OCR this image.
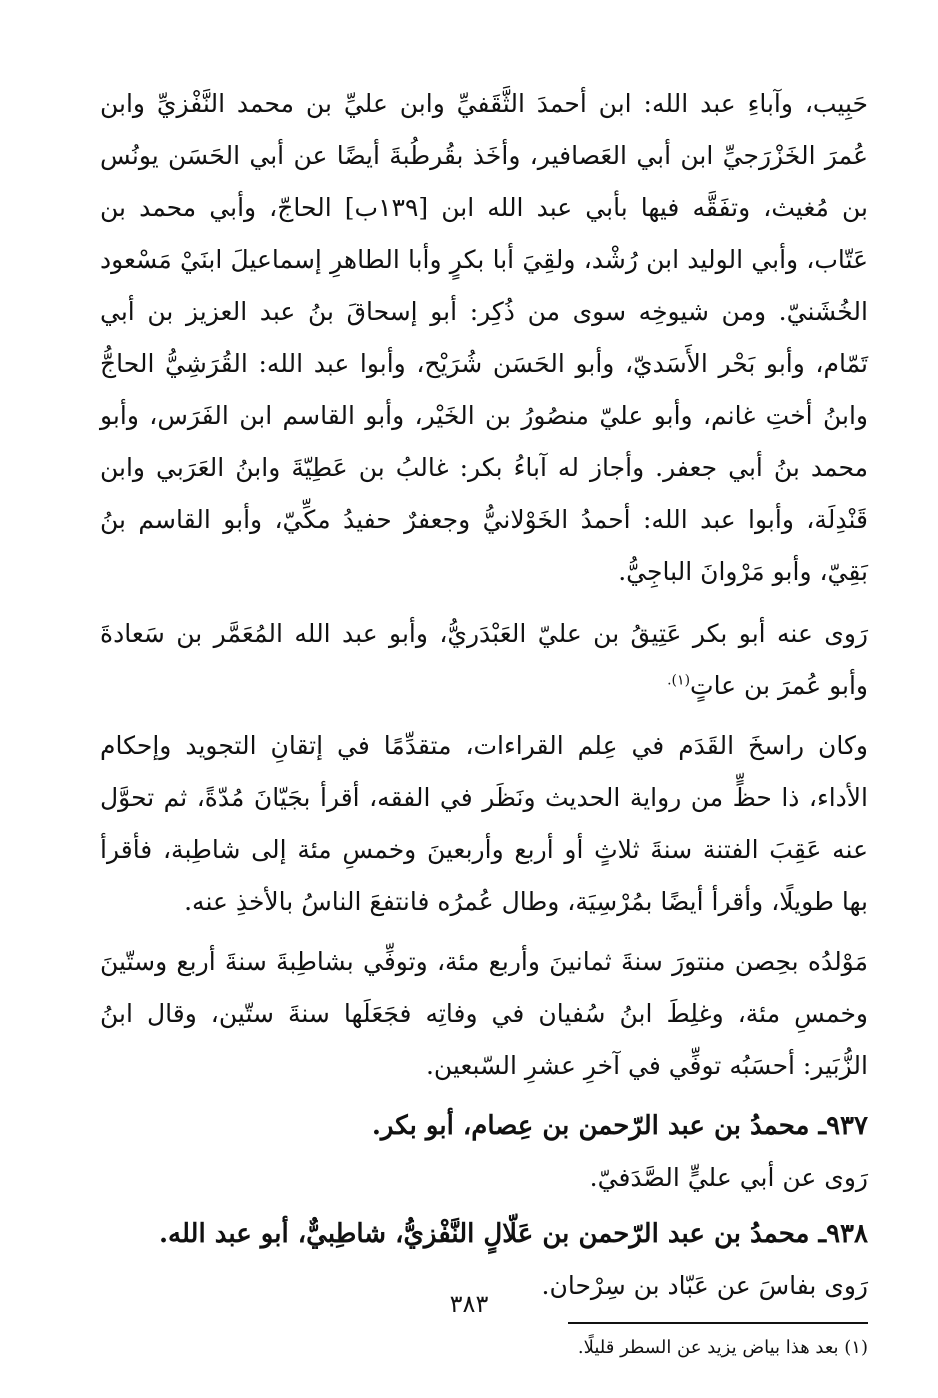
حَبِيب، وآباءِ عبد الله: ابن أحمدَ الثَّقَفيِّ وابن عليِّ بن محمد النَّفْزيِّ وابن عُمرَ الخَزْرَجيِّ ابن أبي العَصافير، وأخَذ بقُرطُبةَ أيضًا عن أبي الحَسَن يونُس بن مُغيث، وتفَقَّه فيها بأبي عبد الله ابن [١٣٩ب] الحاجّ، وأبي محمد بن عَتّاب، وأبي الوليد ابن رُشْد، ولقِيَ أبا بكرٍ وأبا الطاهرِ إسماعيلَ ابنَيْ مَسْعود الخُشَنيّ. ومن شيوخِه سوى من ذُكِر: أبو إسحاقَ بنُ عبد العزيز بن أبي تَمّام، وأبو بَحْر الأَسَديّ، وأبو الحَسَن شُرَيْح، وأبوا عبد الله: القُرَشِيُّ الحاجُّ وابنُ أختِ غانم، وأبو عليّ منصُورُ بن الخَيْر، وأبو القاسم ابن الفَرَس، وأبو محمد بنُ أبي جعفر. وأجاز له آباءُ بكر: غالبُ بن عَطِيّةَ وابنُ العَرَبي وابن قَنْدِلَة، وأبوا عبد الله: أحمدُ الخَوْلانيُّ وجعفرٌ حفيدُ مكِّيّ، وأبو القاسم بنُ بَقِيّ، وأبو مَرْوانَ الباجِيُّ.

رَوى عنه أبو بكر عَتِيقُ بن عليّ العَبْدَريُّ، وأبو عبد الله المُعَمَّر بن سَعادةَ وأبو عُمرَ بن عاتٍ$^{(١).}$

وكان راسخَ القَدَم في عِلم القراءات، متقدِّمًا في إتقانِ التجويد وإحكام الأداء، ذا حظٍّ من رواية الحديث ونَظَر في الفقه، أقرأ بجَيّانَ مُدّةً، ثم تحوَّل عنه عَقِبَ الفتنة سنةَ ثلاثٍ أو أربع وأربعينَ وخمسِ مئة إلى شاطِبة، فأقرأ بها طويلًا، وأقرأ أيضًا بمُرْسِيَة، وطال عُمرُه فانتفعَ الناسُ بالأخذِ عنه.

مَوْلدُه بحِصن منتورَ سنةَ ثمانينَ وأربع مئة، وتوفِّي بشاطِبةَ سنةَ أربع وستّينَ وخمسِ مئة، وغلِطَ ابنُ سُفيان في وفاتِه فجَعَلَها سنةَ ستّين، وقال ابنُ الزُّبَير: أحسَبُه توفِّي في آخرِ عشرِ السّبعين.

٩٣٧ـ محمدُ بن عبد الرّحمن بن عِصام، أبو بكر.

رَوى عن أبي عليٍّ الصَّدَفيّ.

٩٣٨ـ محمدُ بن عبد الرّحمن بن عَلّالٍ النَّفْزيُّ، شاطِبيٌّ، أبو عبد الله.

رَوى بفاسَ عن عَبّاد بن سِرْحان.

(١) بعد هذا بياض يزيد عن السطر قليلًا.
٣٨٣
